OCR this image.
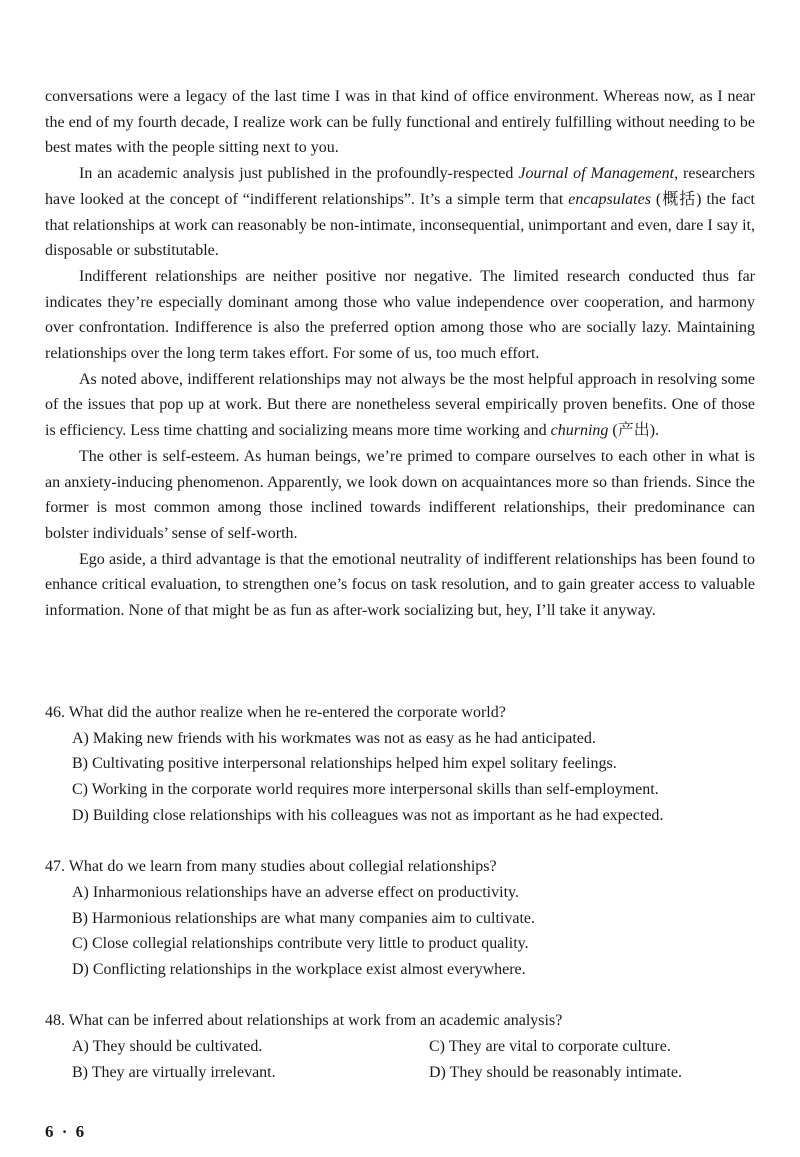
conversations were a legacy of the last time I was in that kind of office environment. Whereas now, as I near the end of my fourth decade, I realize work can be fully functional and entirely fulfilling without needing to be best mates with the people sitting next to you.

In an academic analysis just published in the profoundly-respected Journal of Management, researchers have looked at the concept of “indifferent relationships”. It’s a simple term that encapsulates (概括) the fact that relationships at work can reasonably be non-intimate, inconsequential, unimportant and even, dare I say it, disposable or substitutable.

Indifferent relationships are neither positive nor negative. The limited research conducted thus far indicates they’re especially dominant among those who value independence over cooperation, and harmony over confrontation. Indifference is also the preferred option among those who are socially lazy. Maintaining relationships over the long term takes effort. For some of us, too much effort.

As noted above, indifferent relationships may not always be the most helpful approach in resolving some of the issues that pop up at work. But there are nonetheless several empirically proven benefits. One of those is efficiency. Less time chatting and socializing means more time working and churning (产出).

The other is self-esteem. As human beings, we’re primed to compare ourselves to each other in what is an anxiety-inducing phenomenon. Apparently, we look down on acquaintances more so than friends. Since the former is most common among those inclined towards indifferent relationships, their predominance can bolster individuals’ sense of self-worth.

Ego aside, a third advantage is that the emotional neutrality of indifferent relationships has been found to enhance critical evaluation, to strengthen one’s focus on task resolution, and to gain greater access to valuable information. None of that might be as fun as after-work socializing but, hey, I’ll take it anyway.

46. What did the author realize when he re-entered the corporate world?
A) Making new friends with his workmates was not as easy as he had anticipated.
B) Cultivating positive interpersonal relationships helped him expel solitary feelings.
C) Working in the corporate world requires more interpersonal skills than self-employment.
D) Building close relationships with his colleagues was not as important as he had expected.
47. What do we learn from many studies about collegial relationships?
A) Inharmonious relationships have an adverse effect on productivity.
B) Harmonious relationships are what many companies aim to cultivate.
C) Close collegial relationships contribute very little to product quality.
D) Conflicting relationships in the workplace exist almost everywhere.
48. What can be inferred about relationships at work from an academic analysis?
A) They should be cultivated.	C) They are vital to corporate culture.
B) They are virtually irrelevant.	D) They should be reasonably intimate.
6 · 6
